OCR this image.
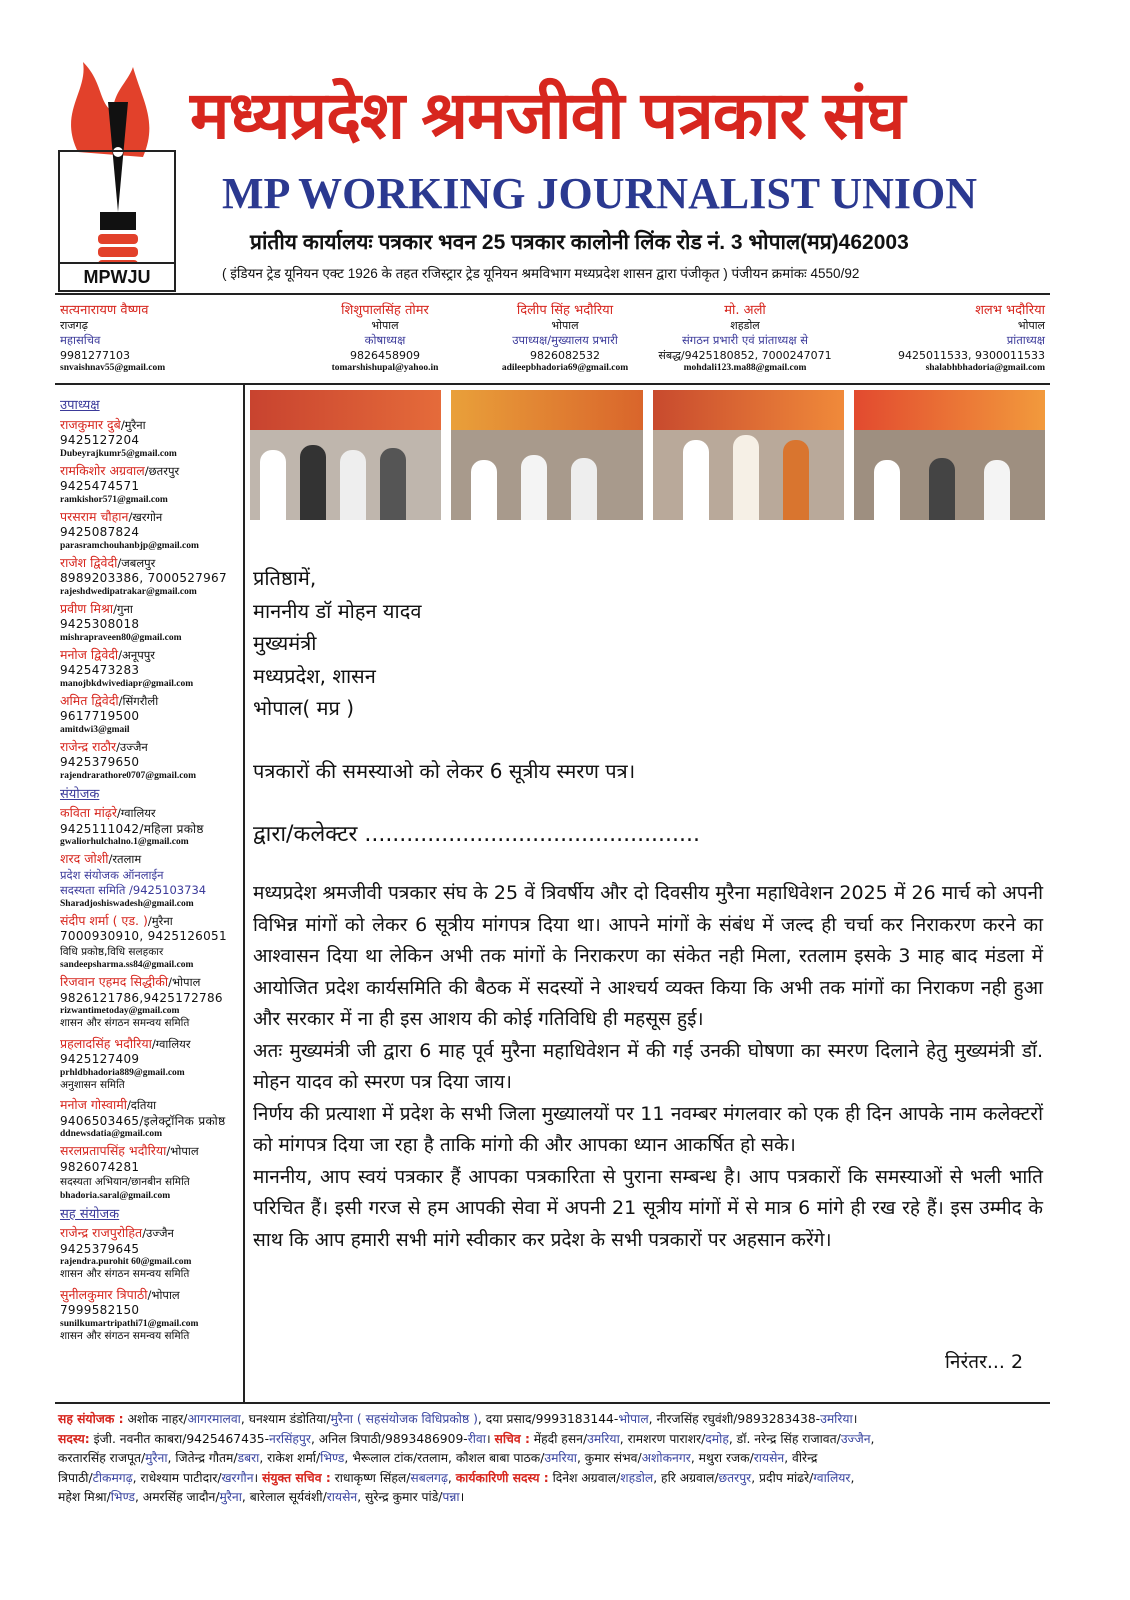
MPWJU
मध्यप्रदेश श्रमजीवी पत्रकार संघ
MP WORKING JOURNALIST UNION
प्रांतीय कार्यालयः पत्रकार भवन 25 पत्रकार कालोनी लिंक रोड नं. 3 भोपाल(मप्र)462003
( इंडियन ट्रेड यूनियन एक्ट 1926 के तहत रजिस्ट्रार ट्रेड यूनियन श्रमविभाग मध्यप्रदेश शासन द्वारा पंजीकृत ) पंजीयन क्रमांकः 4550/92
उपाध्यक्ष
राजकुमार दुबे/मुरैना
9425127204
Dubeyrajkumr5@gmail.com
रामकिशोर अग्रवाल/छतरपुर
9425474571
ramkishor571@gmail.com
परसराम चौहान/खरगोन
9425087824
parasramchouhanbjp@gmail.com
राजेश द्विवेदी/जबलपुर
8989203386, 7000527967
rajeshdwedipatrakar@gmail.com
प्रवीण मिश्रा/गुना
9425308018
mishrapraveen80@gmail.com
मनोज द्विवेदी/अनूपपुर
9425473283
manojbkdwivediapr@gmail.com
अमित द्विवेदी/सिंगरौली
9617719500
amitdwi3@gmail
राजेन्द्र राठौर/उज्जैन
9425379650
rajendrarathore0707@gmail.com
संयोजक
कविता मांढ़रे/ग्वालियर
9425111042/महिला प्रकोष्ठ
gwaliorhulchalno.1@gmail.com
शरद जोशी/रतलाम
प्रदेश संयोजक ऑनलाईन
सदस्यता समिति /9425103734
Sharadjoshiswadesh@gmail.com
संदीप शर्मा ( एड. )/मुरैना
7000930910, 9425126051
विधि प्रकोष्ठ,विधि सलहकार
sandeepsharma.ss84@gmail.com
रिजवान एहमद सिद्धीकी/भोपाल
9826121786,9425172786
rizwantimetoday@gmail.com
शासन और संगठन समन्वय समिति
प्रहलादसिंह भदौरिया/ग्वालियर
9425127409
prhldbhadoria889@gmail.com
अनुशासन समिति
मनोज गोस्वामी/दतिया
9406503465/इलेक्ट्रॉनिक प्रकोष्ठ
ddnewsdatia@gmail.com
सरलप्रतापसिंह भदौरिया/भोपाल
9826074281
सदस्यता अभियान/छानबीन समिति
bhadoria.saral@gmail.com
सह संयोजक
राजेन्द्र राजपुरोहित/उज्जैन
9425379645
rajendra.purohit 60@gmail.com
शासन और संगठन समन्वय समिति
सुनीलकुमार त्रिपाठी/भोपाल
7999582150
sunilkumartripathi71@gmail.com
शासन और संगठन समन्वय समिति
प्रतिष्ठामें,
माननीय डॉ मोहन यादव
मुख्यमंत्री
मध्यप्रदेश, शासन
भोपाल( मप्र )
पत्रकारों की समस्याओ को लेकर 6 सूत्रीय स्मरण पत्र।
द्वारा/कलेक्टर ................................................

मध्यप्रदेश श्रमजीवी पत्रकार संघ के 25 वें त्रिवर्षीय और दो दिवसीय मुरैना महाधिवेशन 2025 में 26 मार्च को अपनी विभिन्न मांगों को लेकर 6 सूत्रीय मांगपत्र दिया था। आपने मांगों के संबंध में जल्द ही चर्चा कर निराकरण करने का आश्वासन दिया था लेकिन अभी तक मांगों के निराकरण का संकेत नही मिला, रतलाम इसके 3 माह बाद मंडला में आयोजित प्रदेश कार्यसमिति की बैठक में सदस्यों ने आश्चर्य व्यक्त किया कि अभी तक मांगों का निराकण नही हुआ और सरकार में ना ही इस आशय की कोई गतिविधि ही महसूस हुई।

अतः मुख्यमंत्री जी द्वारा 6 माह पूर्व मुरैना महाधिवेशन में की गई उनकी घोषणा का स्मरण दिलाने हेतु मुख्यमंत्री डॉ. मोहन यादव को स्मरण पत्र दिया जाय।

निर्णय की प्रत्याशा में प्रदेश के सभी जिला मुख्यालयों पर 11 नवम्बर मंगलवार को एक ही दिन आपके नाम कलेक्टरों को मांगपत्र दिया जा रहा है ताकि मांगो की और आपका ध्यान आकर्षित हो सके।

माननीय, आप स्वयं पत्रकार हैं आपका पत्रकारिता से पुराना सम्बन्ध है। आप पत्रकारों कि समस्याओं से भली भाति परिचित हैं। इसी गरज से हम आपकी सेवा में अपनी 21 सूत्रीय मांगों में से मात्र 6 मांगे ही रख रहे हैं। इस उम्मीद के साथ कि आप हमारी सभी मांगे स्वीकार कर प्रदेश के सभी पत्रकारों पर अहसान करेंगे।

निरंतर... 2
सह संयोजक : अशोक नाहर/आगरमालवा, घनश्याम डंडोतिया/मुरैना ( सहसंयोजक विधिप्रकोष्ठ ), दया प्रसाद/9993183144-भोपाल, नीरजसिंह रघुवंशी/9893283438-उमरिया।
सदस्य: इंजी. नवनीत काबरा/9425467435-नरसिंहपुर, अनिल त्रिपाठी/9893486909-रीवा। सचिव : मेंहदी हसन/उमरिया, रामशरण पाराशर/दमोह, डॉ. नरेन्द्र सिंह राजावत/उज्जैन,
करतारसिंह राजपूत/मुरैना, जितेन्द्र गौतम/डबरा, राकेश शर्मा/भिण्ड, भैरूलाल टांक/रतलाम, कौशल बाबा पाठक/उमरिया, कुमार संभव/अशोकनगर, मथुरा रजक/रायसेन, वीरेन्द्र
त्रिपाठी/टीकमगढ़, राधेश्याम पाटीदार/खरगौन। संयुक्त सचिव : राधाकृष्ण सिंहल/सबलगढ़, कार्यकारिणी सदस्य : दिनेश अग्रवाल/शहडोल, हरि अग्रवाल/छतरपुर, प्रदीप मांढरे/ग्वालियर,
महेश मिश्रा/भिण्ड, अमरसिंह जादौन/मुरैना, बारेलाल सूर्यवंशी/रायसेन, सुरेन्द्र कुमार पांडे/पन्ना।
सत्यनारायण वैष्णव
राजगढ़
महासचिव
9981277103
snvaishnav55@gmail.com
शिशुपालसिंह तोमर
भोपाल
कोषाध्यक्ष
9826458909
tomarshishupal@yahoo.in
दिलीप सिंह भदौरिया
भोपाल
उपाध्यक्ष/मुख्यालय प्रभारी
9826082532
adileepbhadoria69@gmail.com
मो. अली
शहडोल
संगठन प्रभारी एवं प्रांताध्यक्ष से
संबद्ध/9425180852, 7000247071
mohdali123.ma88@gmail.com
शलभ भदौरिया
भोपाल
प्रांताध्यक्ष
9425011533, 9300011533
shalabhbhadoria@gmail.com
